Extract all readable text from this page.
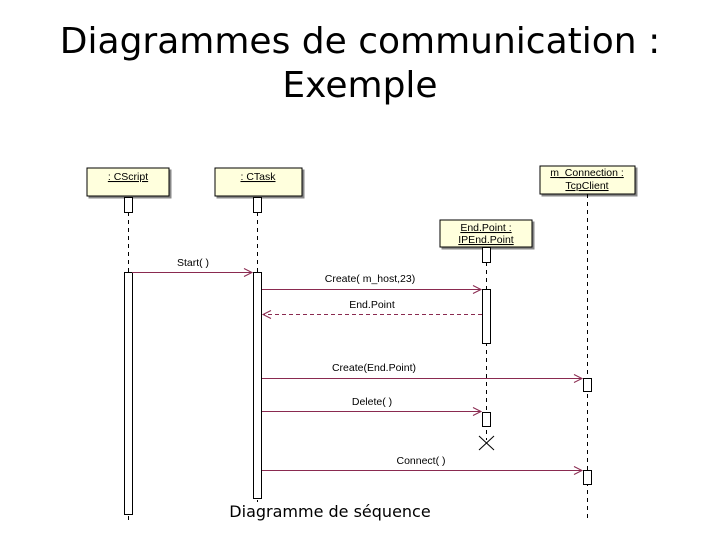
Diagrammes de communication :
Exemple
: CScript	: CTask	m_Connection :
TcpClient
End.Point :
IPEnd.Point
Start( )
Create( m_host,23)
End.Point
Create(End.Point)
Delete( )
Connect( )
Diagramme de séquence
